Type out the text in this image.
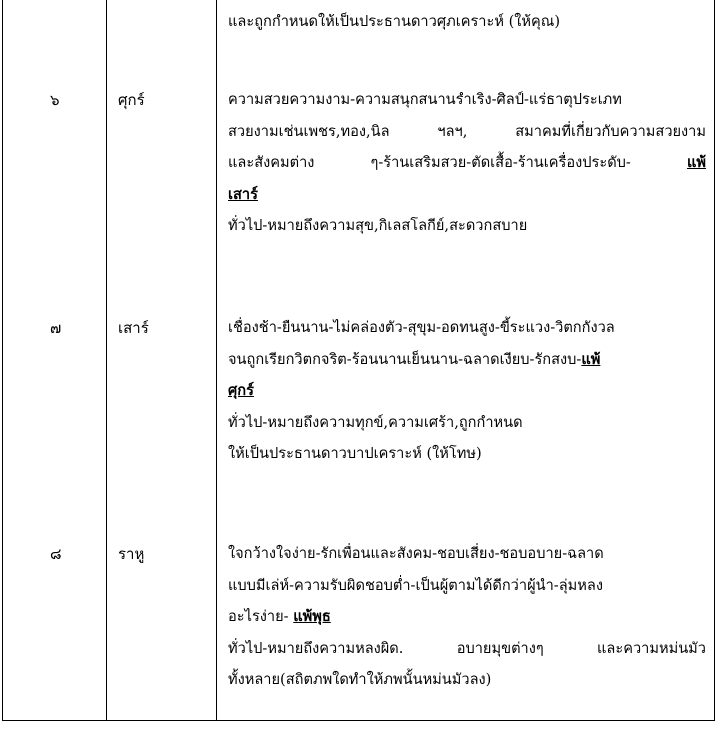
และถูกกำหนดให้เป็นประธานดาวศุภเคราะห์ (ให้คุณ)
๖	ศุกร์	ความสวยความงาม-ความสนุกสนานรำเริง-ศิลป์-แร่ธาตุประเภท
สวยงามเช่นเพชร,ทอง,นิล ฯลฯ, สมาคมที่เกี่ยวกับความสวยงาม
และสังคมต่าง ๆ-ร้านเสริมสวย-ตัดเสื้อ-ร้านเครื่องประดับ-	แพ้
เสาร์
ทั่วไป-หมายถึงความสุข,กิเลสโลกีย์,สะดวกสบาย
๗	เสาร์	เชื่องช้า-ยืนนาน-ไม่คล่องตัว-สุขุม-อดทนสูง-ขี้ระแวง-วิตกกังวล
จนถูกเรียกวิตกจริต-ร้อนนานเย็นนาน-ฉลาดเงียบ-รักสงบ-แพ้
ศุกร์
ทั่วไป-หมายถึงความทุกข์,ความเศร้า,ถูกกำหนด
ให้เป็นประธานดาวบาปเคราะห์ (ให้โทษ)
๘	ราหู	ใจกว้างใจง่าย-รักเพื่อนและสังคม-ชอบเสี่ยง-ชอบอบาย-ฉลาด
แบบมีเล่ห์-ความรับผิดชอบต่ำ-เป็นผู้ตามได้ดีกว่าผู้นำ-ลุ่มหลง
อะไรง่าย- แพ้พุธ
ทั่วไป-หมายถึงความหลงผิด. อบายมุขต่างๆ และความหม่นมัว
ทั้งหลาย(สถิตภพใดทำให้ภพนั้นหม่นมัวลง)
